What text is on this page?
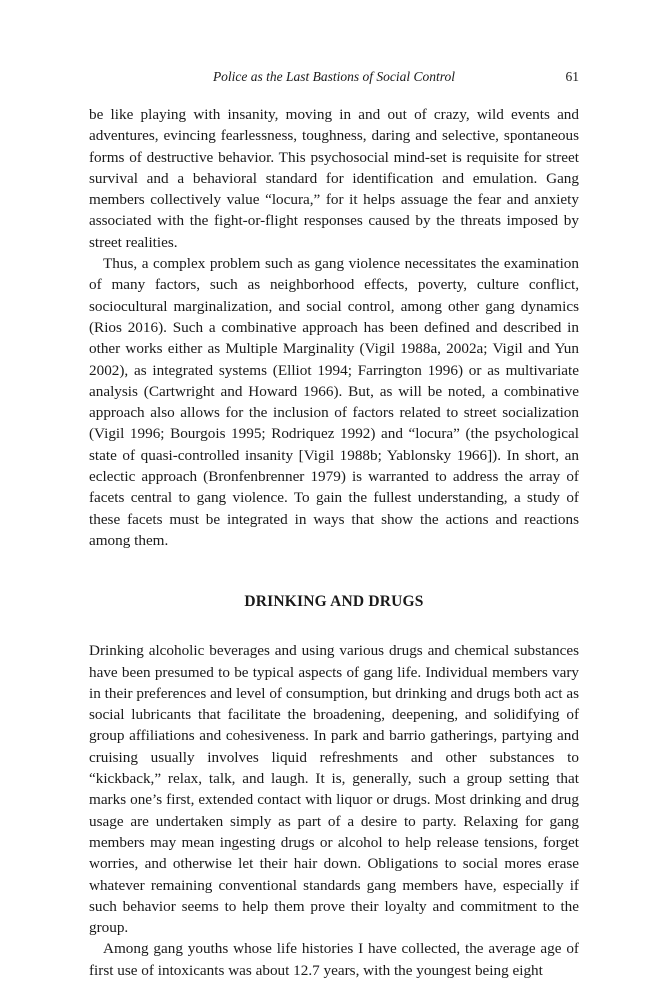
Police as the Last Bastions of Social Control	61

be like playing with insanity, moving in and out of crazy, wild events and adventures, evincing fearlessness, toughness, daring and selective, spontaneous forms of destructive behavior. This psychosocial mind-set is requisite for street survival and a behavioral standard for identification and emulation. Gang members collectively value “locura,” for it helps assuage the fear and anxiety associated with the fight-or-flight responses caused by the threats imposed by street realities.

Thus, a complex problem such as gang violence necessitates the examination of many factors, such as neighborhood effects, poverty, culture conflict, sociocultural marginalization, and social control, among other gang dynamics (Rios 2016). Such a combinative approach has been defined and described in other works either as Multiple Marginality (Vigil 1988a, 2002a; Vigil and Yun 2002), as integrated systems (Elliot 1994; Farrington 1996) or as multivariate analysis (Cartwright and Howard 1966). But, as will be noted, a combinative approach also allows for the inclusion of factors related to street socialization (Vigil 1996; Bourgois 1995; Rodriquez 1992) and “locura” (the psychological state of quasi-controlled insanity [Vigil 1988b; Yablonsky 1966]). In short, an eclectic approach (Bronfenbrenner 1979) is warranted to address the array of facets central to gang violence. To gain the fullest understanding, a study of these facets must be integrated in ways that show the actions and reactions among them.

DRINKING AND DRUGS

Drinking alcoholic beverages and using various drugs and chemical substances have been presumed to be typical aspects of gang life. Individual members vary in their preferences and level of consumption, but drinking and drugs both act as social lubricants that facilitate the broadening, deepening, and solidifying of group affiliations and cohesiveness. In park and barrio gatherings, partying and cruising usually involves liquid refreshments and other substances to “kickback,” relax, talk, and laugh. It is, generally, such a group setting that marks one’s first, extended contact with liquor or drugs. Most drinking and drug usage are undertaken simply as part of a desire to party. Relaxing for gang members may mean ingesting drugs or alcohol to help release tensions, forget worries, and otherwise let their hair down. Obligations to social mores erase whatever remaining conventional standards gang members have, especially if such behavior seems to help them prove their loyalty and commitment to the group.

Among gang youths whose life histories I have collected, the average age of first use of intoxicants was about 12.7 years, with the youngest being eight
